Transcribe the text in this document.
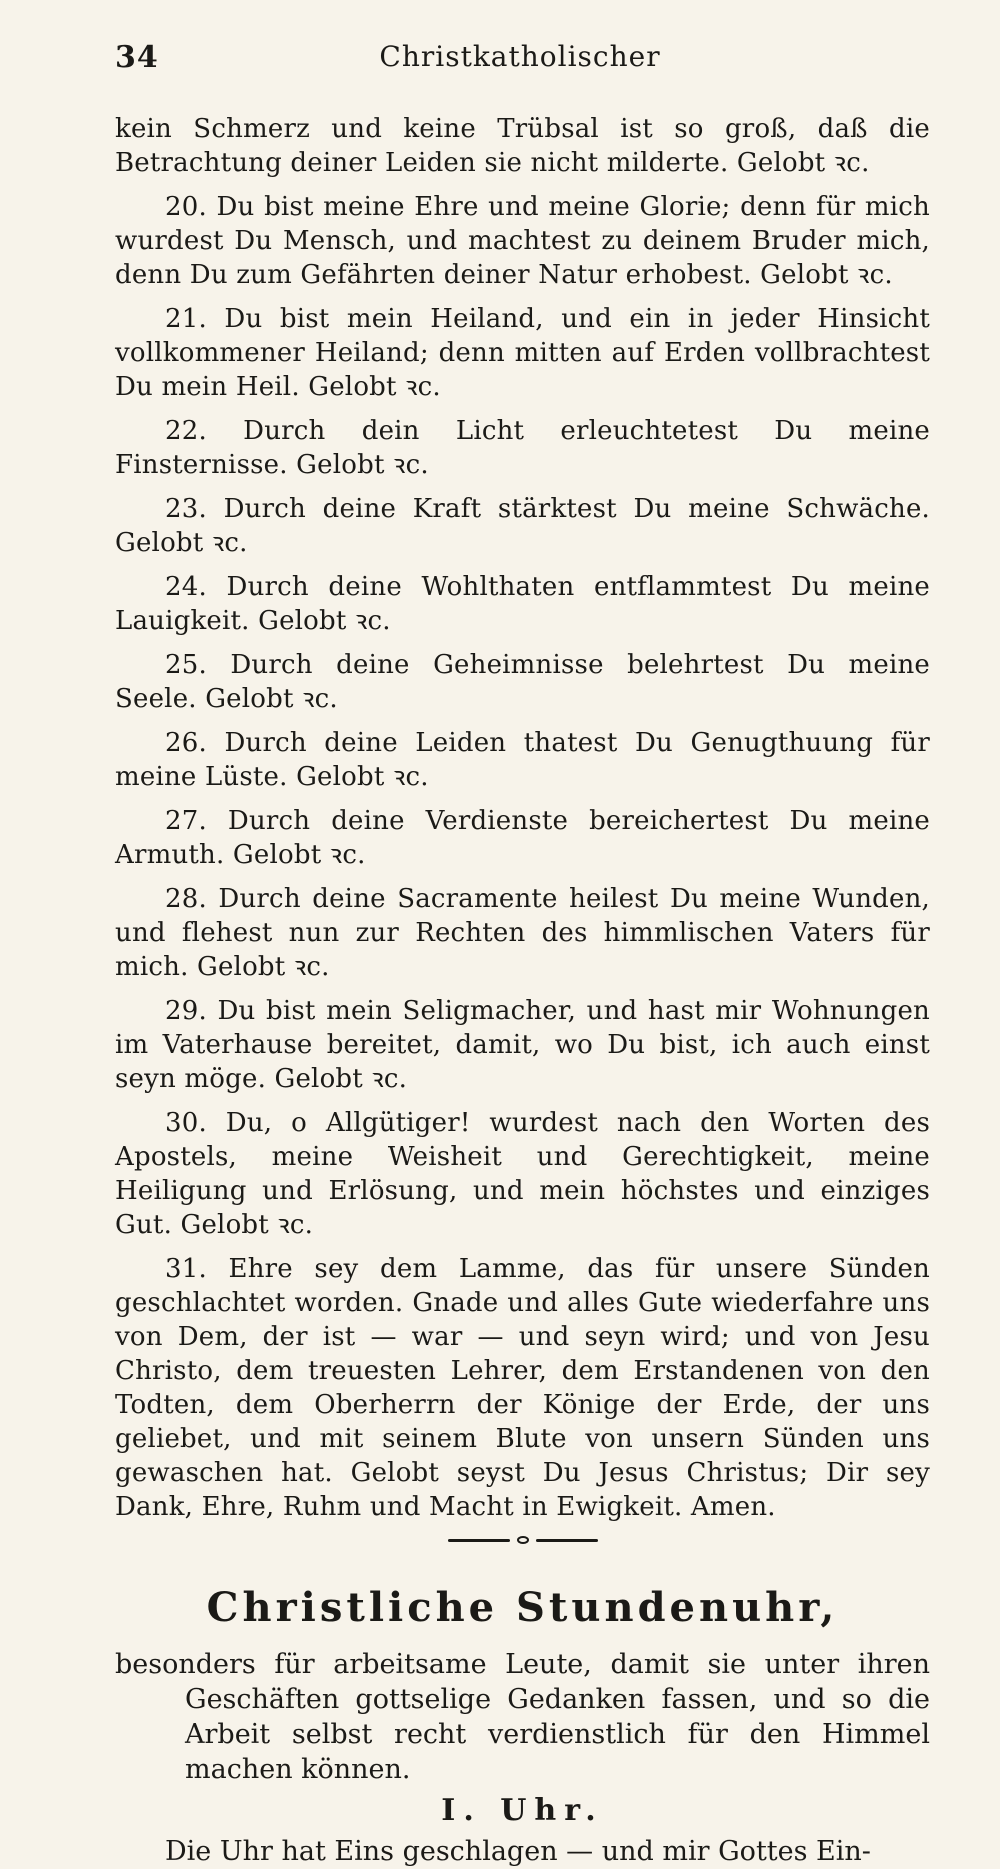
34	Christkatholischer

kein Schmerz und keine Trübsal ist so groß, daß die Betrachtung deiner Leiden sie nicht milderte. Gelobt ꝛc.

20. Du bist meine Ehre und meine Glorie; denn für mich wurdest Du Mensch, und machtest zu deinem Bruder mich, denn Du zum Gefährten deiner Natur erhobest. Gelobt ꝛc.

21. Du bist mein Heiland, und ein in jeder Hinsicht vollkommener Heiland; denn mitten auf Erden vollbrachtest Du mein Heil. Gelobt ꝛc.

22. Durch dein Licht erleuchtetest Du meine Finsternisse. Gelobt ꝛc.

23. Durch deine Kraft stärktest Du meine Schwäche. Gelobt ꝛc.

24. Durch deine Wohlthaten entflammtest Du meine Lauigkeit. Gelobt ꝛc.

25. Durch deine Geheimnisse belehrtest Du meine Seele. Gelobt ꝛc.

26. Durch deine Leiden thatest Du Genugthuung für meine Lüste. Gelobt ꝛc.

27. Durch deine Verdienste bereichertest Du meine Armuth. Gelobt ꝛc.

28. Durch deine Sacramente heilest Du meine Wunden, und flehest nun zur Rechten des himmlischen Vaters für mich. Gelobt ꝛc.

29. Du bist mein Seligmacher, und hast mir Wohnungen im Vaterhause bereitet, damit, wo Du bist, ich auch einst seyn möge. Gelobt ꝛc.

30. Du, o Allgütiger! wurdest nach den Worten des Apostels, meine Weisheit und Gerechtigkeit, meine Heiligung und Erlösung, und mein höchstes und einziges Gut. Gelobt ꝛc.

31. Ehre sey dem Lamme, das für unsere Sünden geschlachtet worden. Gnade und alles Gute wiederfahre uns von Dem, der ist — war — und seyn wird; und von Jesu Christo, dem treuesten Lehrer, dem Erstandenen von den Todten, dem Oberherrn der Könige der Erde, der uns geliebet, und mit seinem Blute von unsern Sünden uns gewaschen hat. Gelobt seyst Du Jesus Christus; Dir sey Dank, Ehre, Ruhm und Macht in Ewigkeit. Amen.

Christliche Stundenuhr,

besonders für arbeitsame Leute, damit sie unter ihren Geschäften gottselige Gedanken fassen, und so die Arbeit selbst recht verdienstlich für den Himmel machen können.

I. Uhr.

Die Uhr hat Eins geschlagen — und mir Gottes Ein-
